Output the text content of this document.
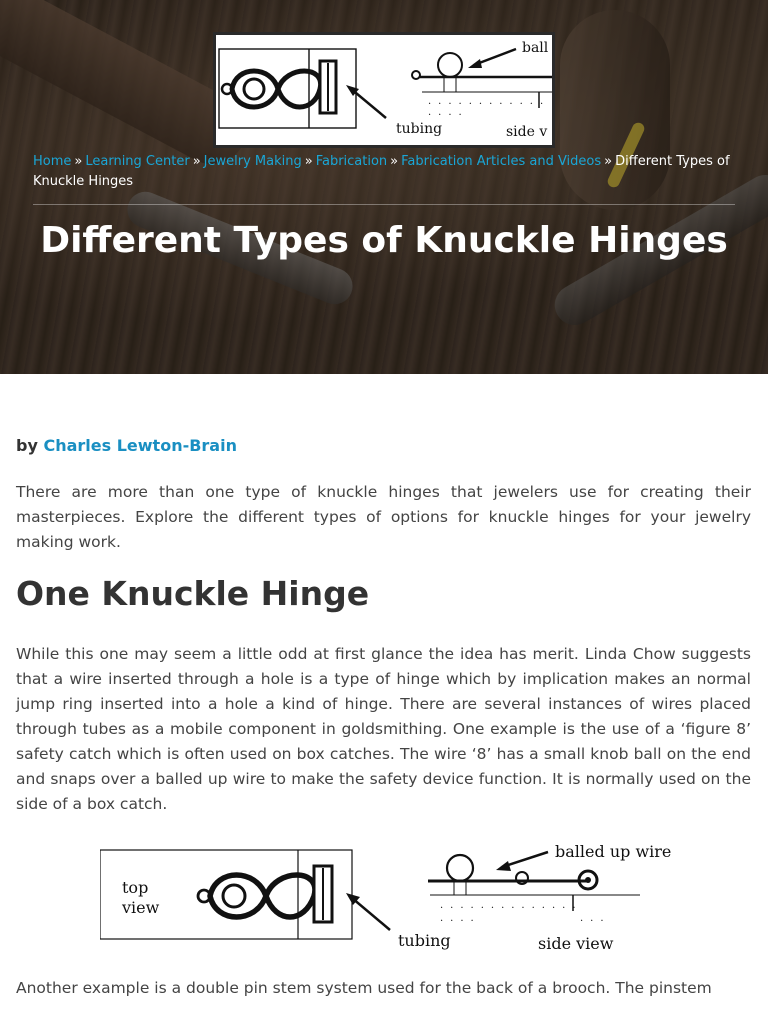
tubing
............
....
ball
side v
Home » Learning Center » Jewelry Making » Fabrication » Fabrication Articles and Videos » Different Types of Knuckle Hinges
Different Types of Knuckle Hinges
by Charles Lewton-Brain

There are more than one type of knuckle hinges that jewelers use for creating their masterpieces. Explore the different types of options for knuckle hinges for your jewelry making work.

One Knuckle Hinge

While this one may seem a little odd at first glance the idea has merit. Linda Chow suggests that a wire inserted through a hole is a type of hinge which by implication makes an normal jump ring inserted into a hole a kind of hinge. There are several instances of wires placed through tubes as a mobile component in goldsmithing. One example is the use of a ‘figure 8’ safety catch which is often used on box catches. The wire ‘8’ has a small knob ball on the end and snaps over a balled up wire to make the safety device function. It is normally used on the side of a box catch.

top
view
tubing
..............
....	...
balled up wire
side view

Another example is a double pin stem system used for the back of a brooch. The pinstem
